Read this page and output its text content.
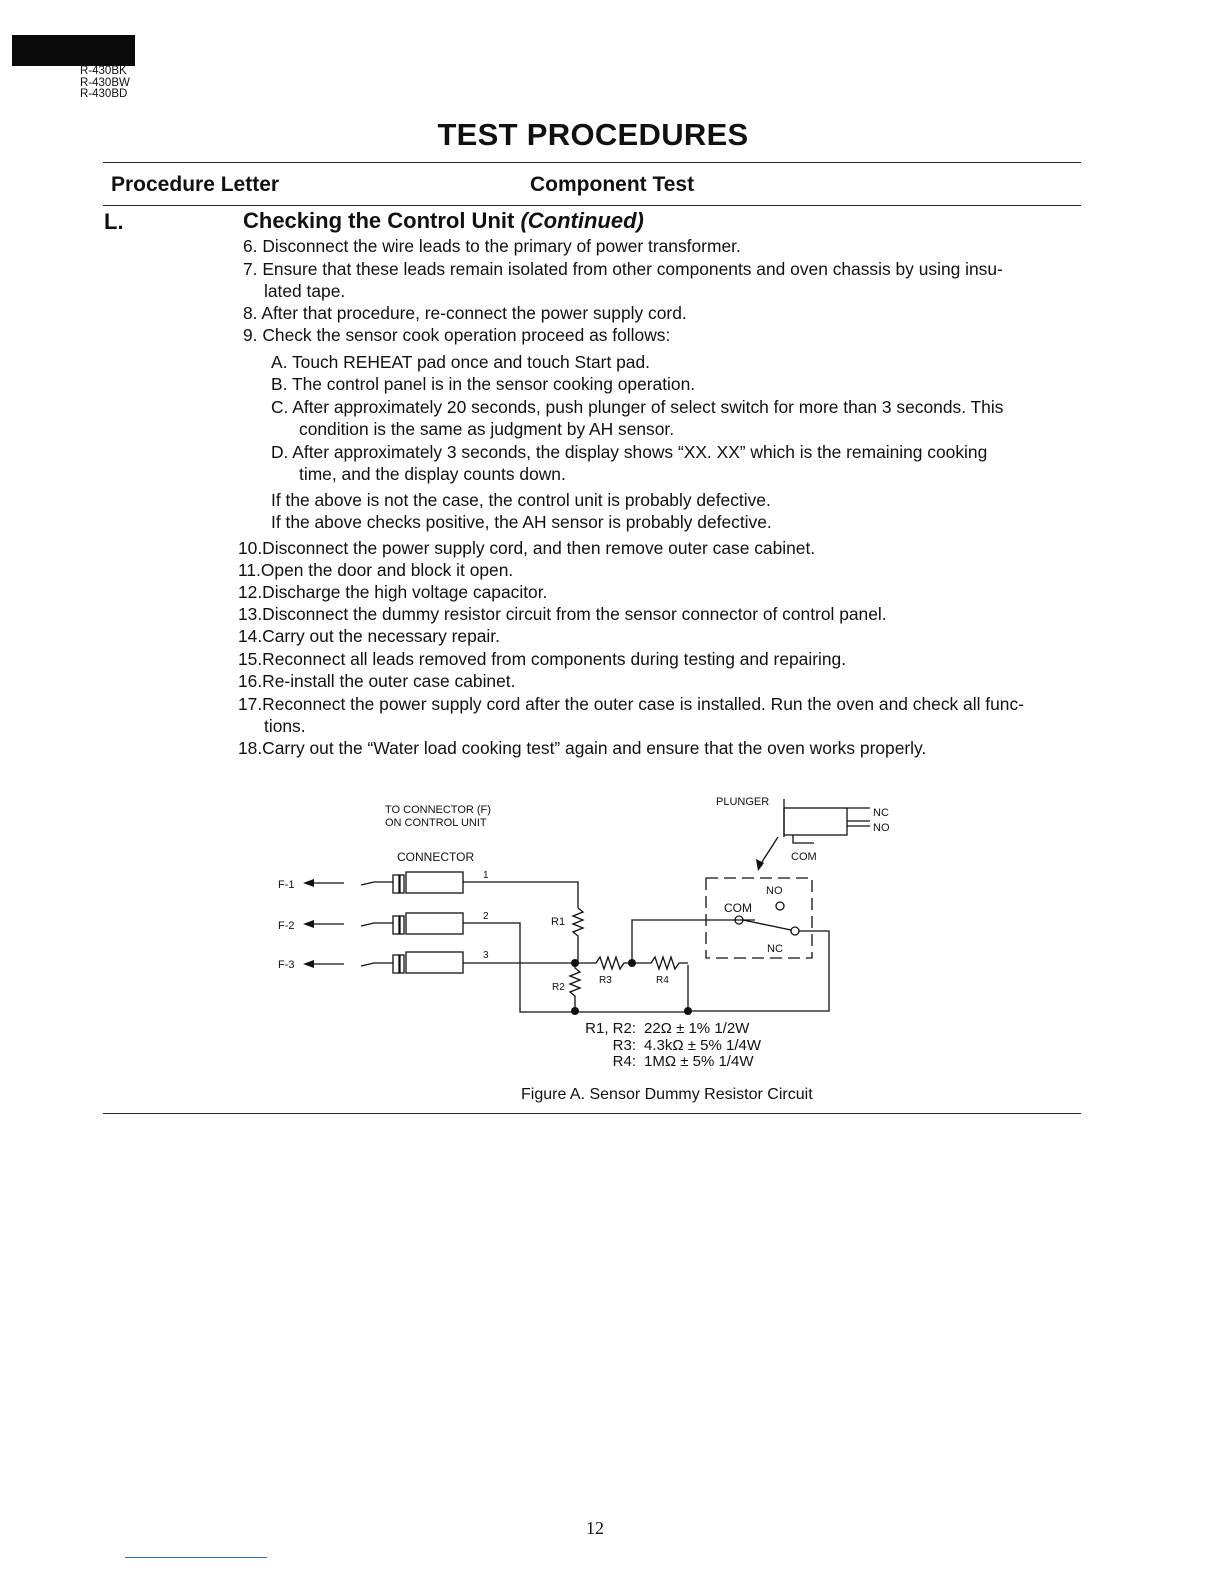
R-430BK
R-430BW
R-430BD
TEST PROCEDURES
Procedure Letter	Component Test
L.	Checking the Control Unit (Continued)
6. Disconnect the wire leads to the primary of power transformer.
7. Ensure that these leads remain isolated from other components and oven chassis by using insu-
lated tape.
8. After that procedure, re-connect the power supply cord.
9. Check the sensor cook operation proceed as follows:
A. Touch REHEAT pad once and touch Start pad.
B. The control panel is in the sensor cooking operation.
C. After approximately 20 seconds, push plunger of select switch for more than 3 seconds. This
condition is the same as judgment by AH sensor.
D. After approximately 3 seconds, the display shows “XX. XX” which is the remaining cooking
time, and the display counts down.
If the above is not the case, the control unit is probably defective.
If the above checks positive, the AH sensor is probably defective.
10.Disconnect the power supply cord, and then remove outer case cabinet.
11.Open the door and block it open.
12.Discharge the high voltage capacitor.
13.Disconnect the dummy resistor circuit from the sensor connector of control panel.
14.Carry out the necessary repair.
15.Reconnect all leads removed from components during testing and repairing.
16.Re-install the outer case cabinet.
17.Reconnect the power supply cord after the outer case is installed. Run the oven and check all func-
tions.
18.Carry out the “Water load cooking test” again and ensure that the oven works properly.
TO CONNECTOR (F)
ON CONTROL UNIT
CONNECTOR
F-1
F-2
F-3
1
2
3
R1
R2
R3	R4
PLUNGER
NC
NO
COM
NO
COM
NC
R1, R2: 22Ω ± 1% 1/2W
R3: 4.3kΩ ± 5% 1/4W
R4: 1MΩ ± 5% 1/4W
Figure A. Sensor Dummy Resistor Circuit
12
